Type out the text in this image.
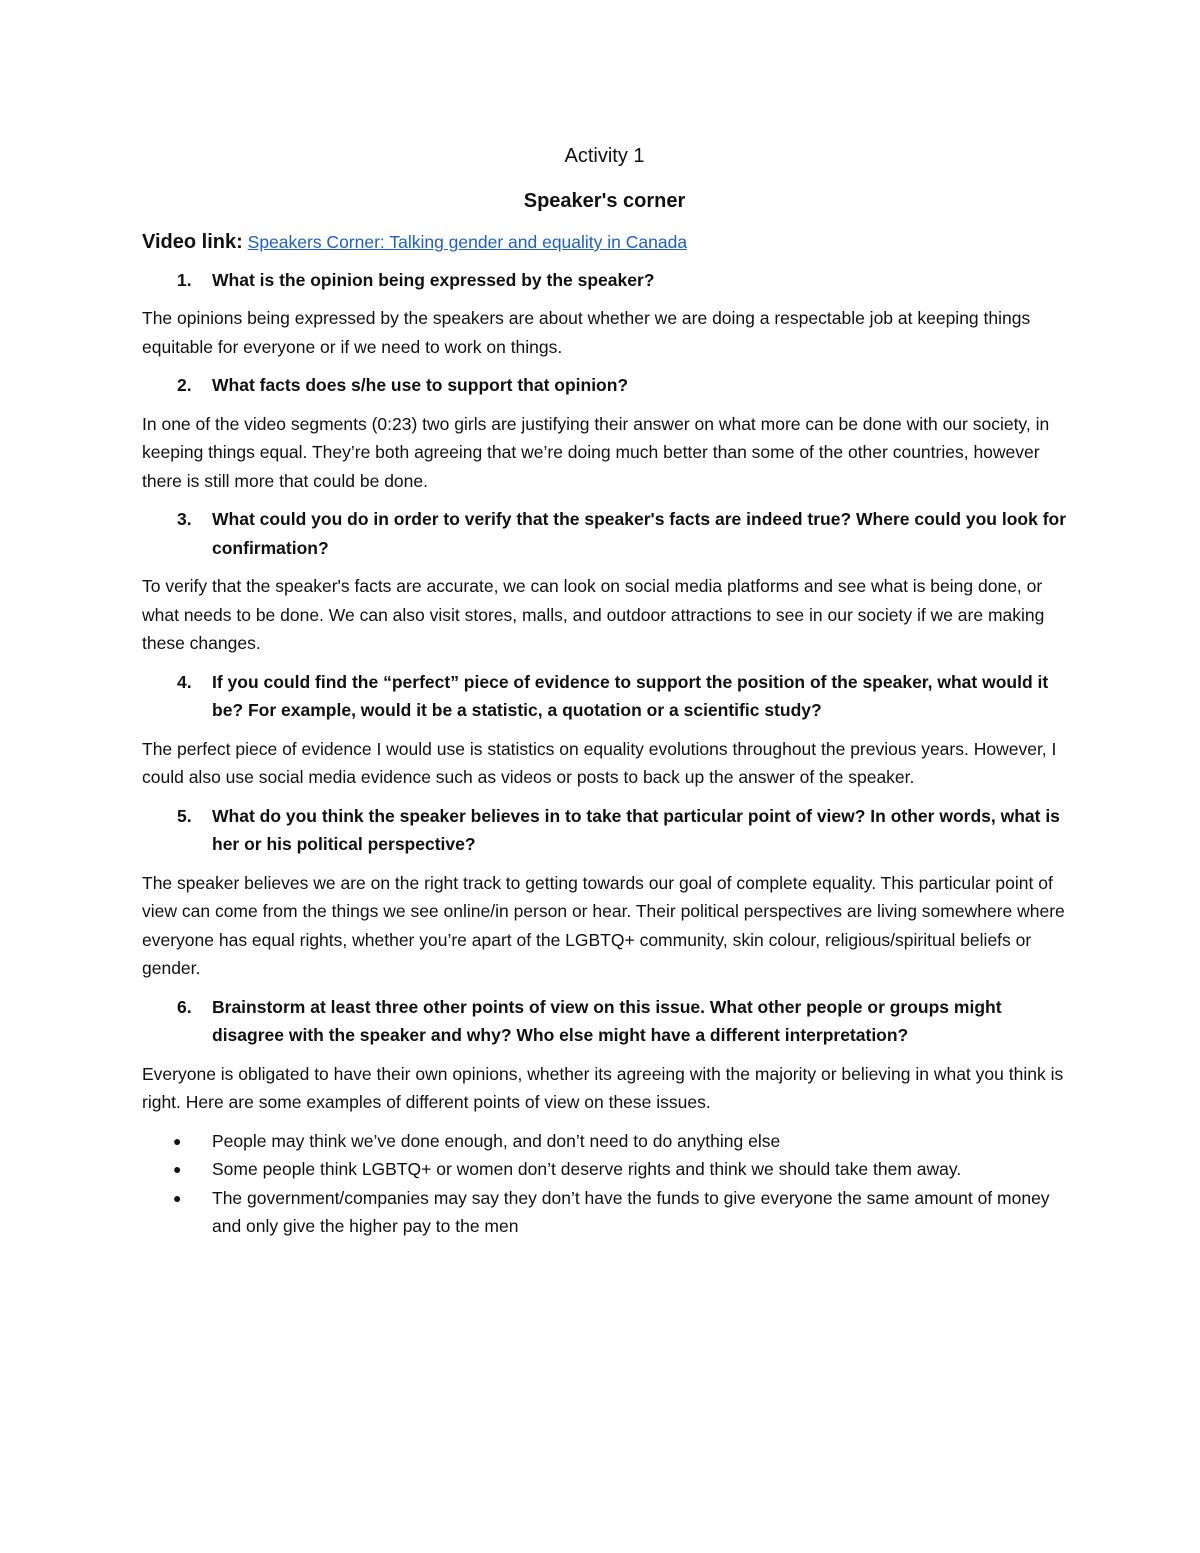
Activity 1
Speaker's corner
Video link: Speakers Corner: Talking gender and equality in Canada
1.	What is the opinion being expressed by the speaker?
The opinions being expressed by the speakers are about whether we are doing a respectable job at keeping things equitable for everyone or if we need to work on things.
2.	What facts does s/he use to support that opinion?
In one of the video segments (0:23) two girls are justifying their answer on what more can be done with our society, in keeping things equal. They’re both agreeing that we’re doing much better than some of the other countries, however there is still more that could be done.
3.	What could you do in order to verify that the speaker's facts are indeed true? Where could you look for confirmation?
To verify that the speaker's facts are accurate, we can look on social media platforms and see what is being done, or what needs to be done. We can also visit stores, malls, and outdoor attractions to see in our society if we are making these changes.
4.	If you could find the “perfect” piece of evidence to support the position of the speaker, what would it be? For example, would it be a statistic, a quotation or a scientific study?
The perfect piece of evidence I would use is statistics on equality evolutions throughout the previous years. However, I could also use social media evidence such as videos or posts to back up the answer of the speaker.
5.	What do you think the speaker believes in to take that particular point of view? In other words, what is her or his political perspective?
The speaker believes we are on the right track to getting towards our goal of complete equality. This particular point of view can come from the things we see online/in person or hear. Their political perspectives are living somewhere where everyone has equal rights, whether you’re apart of the LGBTQ+ community, skin colour, religious/spiritual beliefs or gender.
6.	Brainstorm at least three other points of view on this issue. What other people or groups might disagree with the speaker and why? Who else might have a different interpretation?
Everyone is obligated to have their own opinions, whether its agreeing with the majority or believing in what you think is right. Here are some examples of different points of view on these issues.
●	People may think we’ve done enough, and don’t need to do anything else
●	Some people think LGBTQ+ or women don’t deserve rights and think we should take them away.
●	The government/companies may say they don’t have the funds to give everyone the same amount of money and only give the higher pay to the men
